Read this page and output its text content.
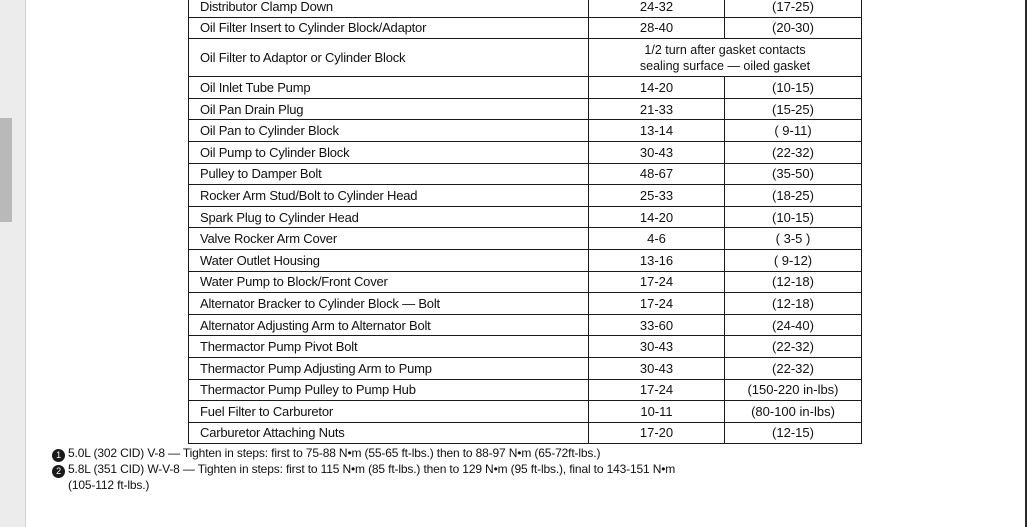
Distributor Clamp Down	24-32	(17-25)
Oil Filter Insert to Cylinder Block/Adaptor	28-40	(20-30)
Oil Filter to Adaptor or Cylinder Block	1/2 turn after gasket contacts
sealing surface — oiled gasket	

Oil Inlet Tube Pump	14-20	(10-15)
Oil Pan Drain Plug	21-33	(15-25)
Oil Pan to Cylinder Block	13-14	( 9-11)
Oil Pump to Cylinder Block	30-43	(22-32)
Pulley to Damper Bolt	48-67	(35-50)
Rocker Arm Stud/Bolt to Cylinder Head	25-33	(18-25)
Spark Plug to Cylinder Head	14-20	(10-15)
Valve Rocker Arm Cover	4-6	( 3-5 )
Water Outlet Housing	13-16	( 9-12)
Water Pump to Block/Front Cover	17-24	(12-18)
Alternator Bracker to Cylinder Block — Bolt	17-24	(12-18)
Alternator Adjusting Arm to Alternator Bolt	33-60	(24-40)
Thermactor Pump Pivot Bolt	30-43	(22-32)
Thermactor Pump Adjusting Arm to Pump	30-43	(22-32)
Thermactor Pump Pulley to Pump Hub	17-24	(150-220 in-lbs)
Fuel Filter to Carburetor	10-11	(80-100 in-lbs)
Carburetor Attaching Nuts	17-20	(12-15)
1 5.0L (302 CID) V-8 — Tighten in steps: first to 75-88 N•m (55-65 ft-lbs.) then to 88-97 N•m (65-72ft-lbs.)
2 5.8L (351 CID) W-V-8 — Tighten in steps: first to 115 N•m (85 ft-lbs.) then to 129 N•m (95 ft-lbs.), final to 143-151 N•m
(105-112 ft-lbs.)
